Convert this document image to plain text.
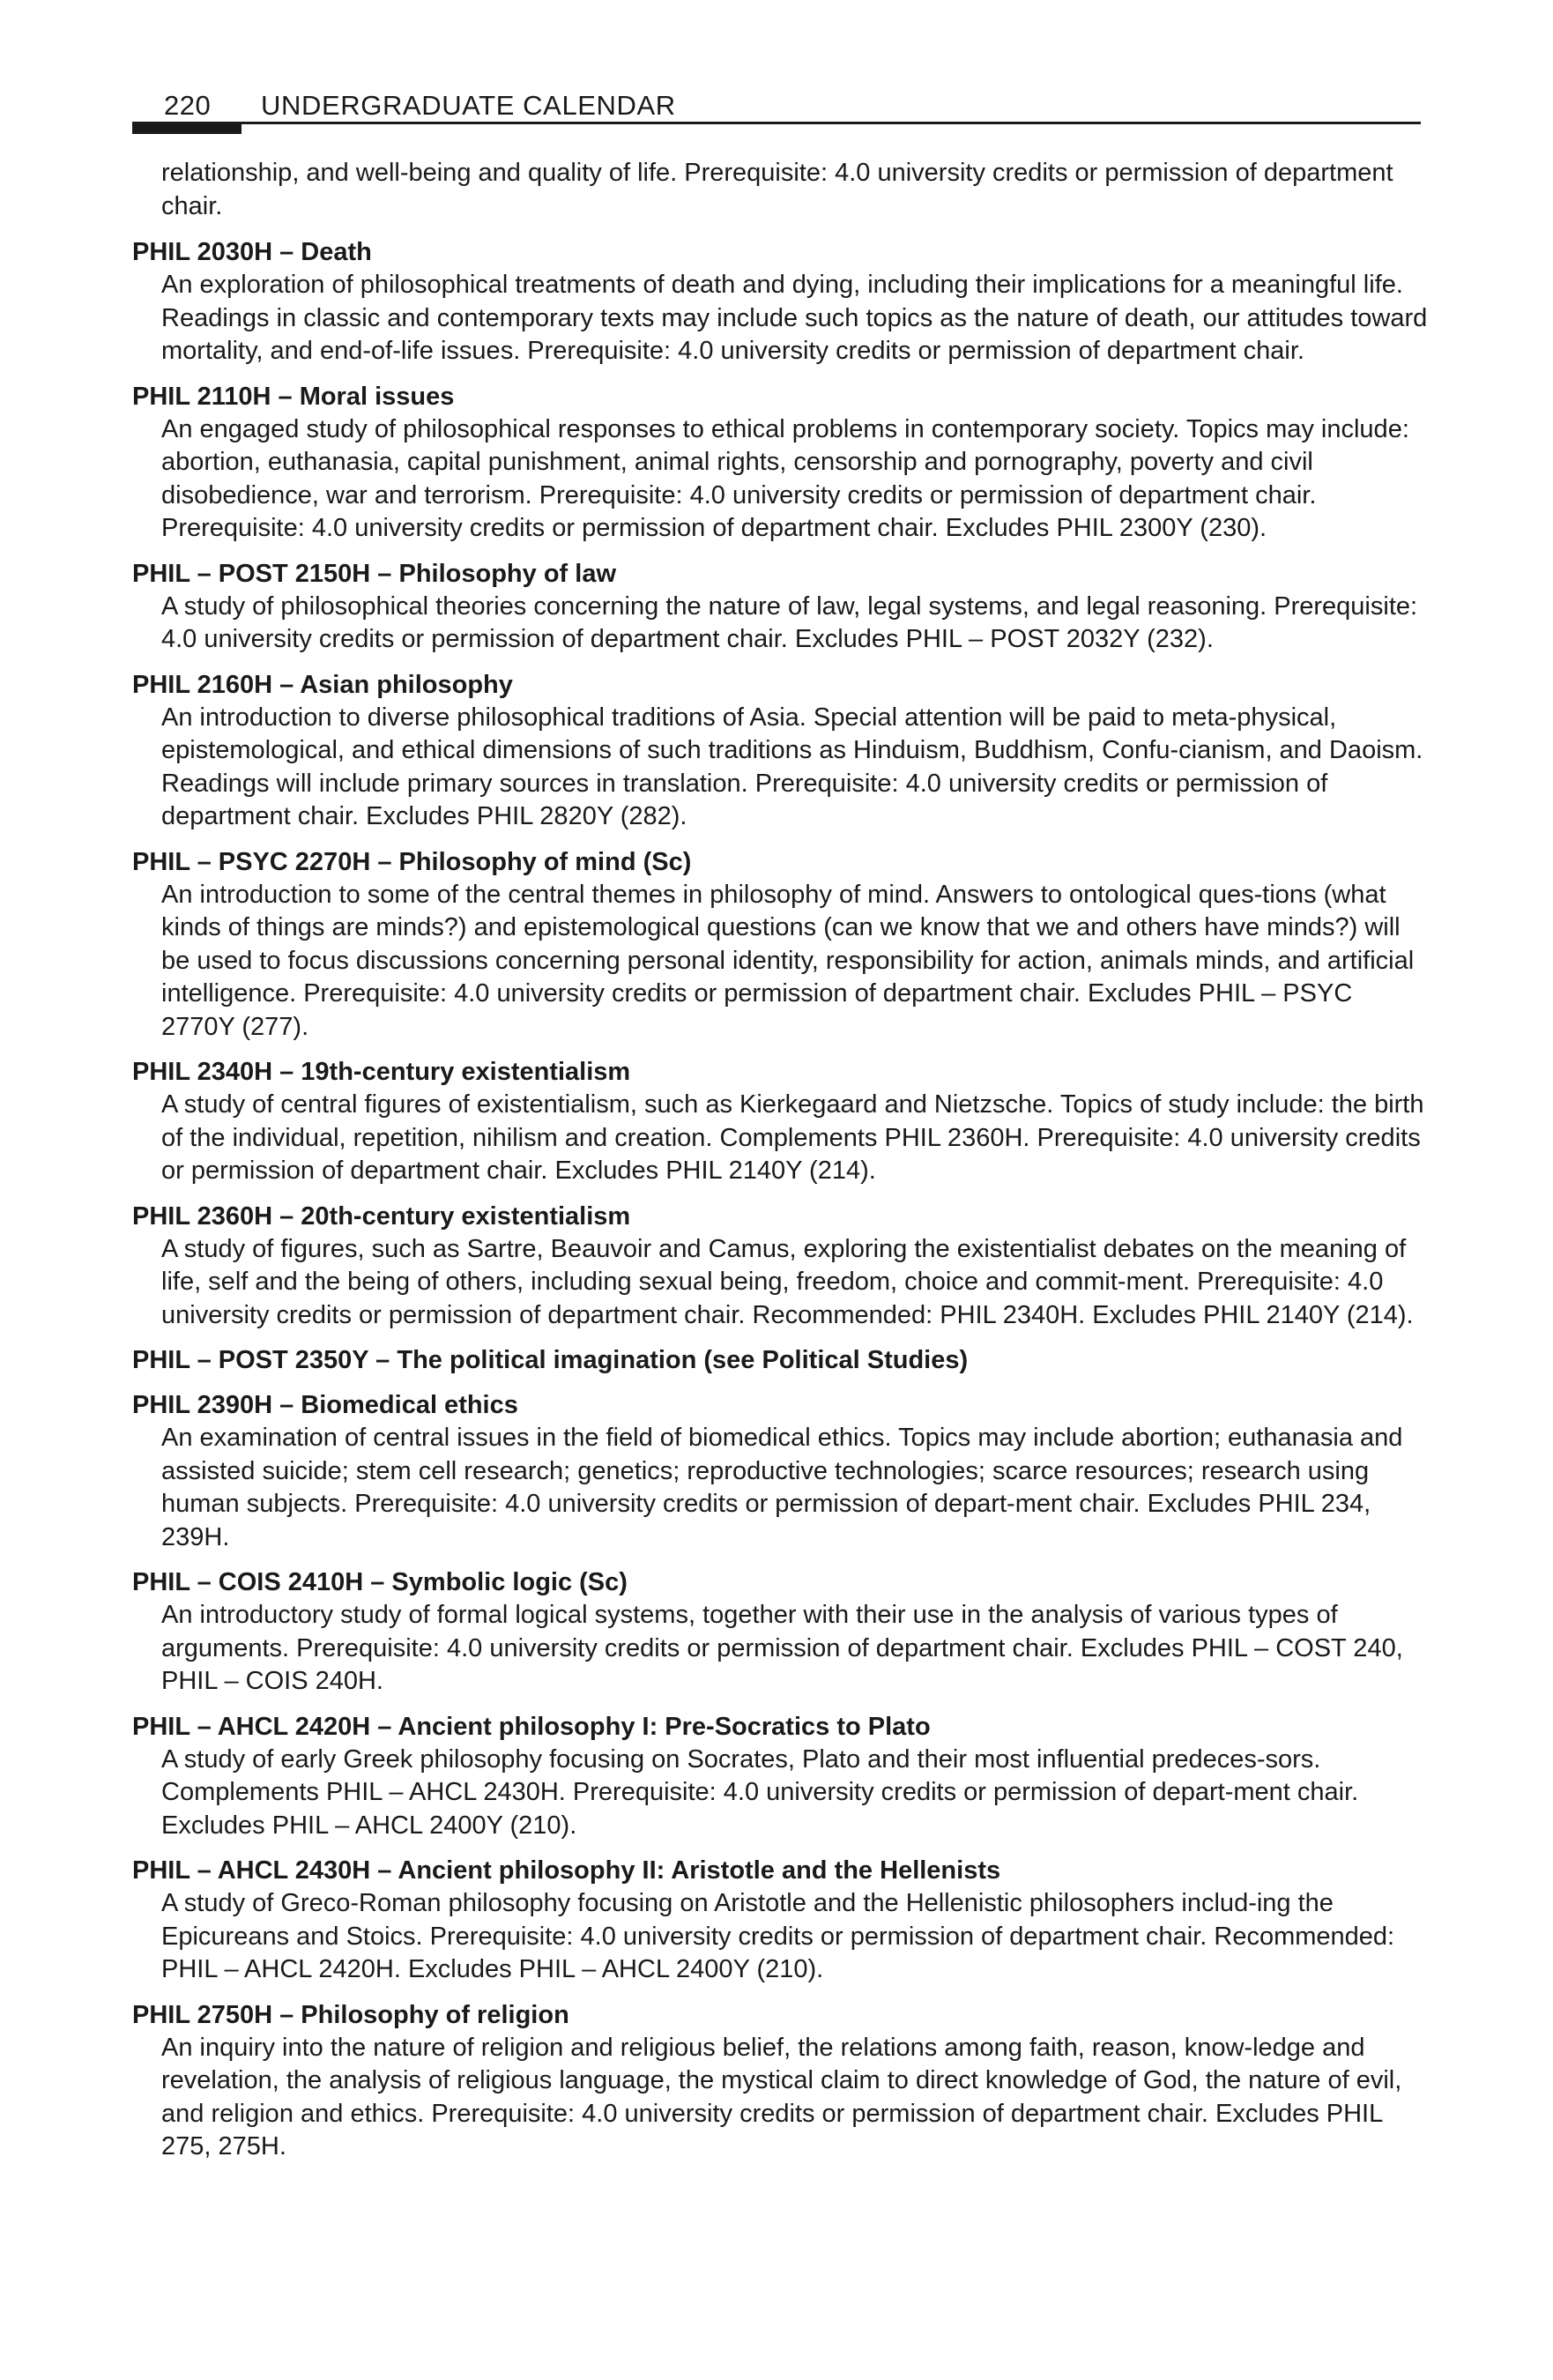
220	UNDERGRADUATE CALENDAR

relationship, and well-being and quality of life. Prerequisite: 4.0 university credits or permission of department chair.

PHIL 2030H – Death

An exploration of philosophical treatments of death and dying, including their implications for a meaningful life. Readings in classic and contemporary texts may include such topics as the nature of death, our attitudes toward mortality, and end-of-life issues. Prerequisite: 4.0 university credits or permission of department chair.

PHIL 2110H – Moral issues

An engaged study of philosophical responses to ethical problems in contemporary society. Topics may include: abortion, euthanasia, capital punishment, animal rights, censorship and pornography, poverty and civil disobedience, war and terrorism. Prerequisite: 4.0 university credits or permission of department chair. Prerequisite: 4.0 university credits or permission of department chair. Excludes PHIL 2300Y (230).

PHIL – POST 2150H – Philosophy of law

A study of philosophical theories concerning the nature of law, legal systems, and legal reasoning. Prerequisite: 4.0 university credits or permission of department chair. Excludes PHIL – POST 2032Y (232).

PHIL 2160H – Asian philosophy

An introduction to diverse philosophical traditions of Asia. Special attention will be paid to meta-physical, epistemological, and ethical dimensions of such traditions as Hinduism, Buddhism, Confu-cianism, and Daoism. Readings will include primary sources in translation. Prerequisite: 4.0 university credits or permission of department chair. Excludes PHIL 2820Y (282).

PHIL – PSYC 2270H – Philosophy of mind (Sc)

An introduction to some of the central themes in philosophy of mind. Answers to ontological ques-tions (what kinds of things are minds?) and epistemological questions (can we know that we and others have minds?) will be used to focus discussions concerning personal identity, responsibility for action, animals minds, and artificial intelligence. Prerequisite: 4.0 university credits or permission of department chair. Excludes PHIL – PSYC 2770Y (277).

PHIL 2340H – 19th-century existentialism

A study of central figures of existentialism, such as Kierkegaard and Nietzsche. Topics of study include: the birth of the individual, repetition, nihilism and creation. Complements PHIL 2360H. Prerequisite: 4.0 university credits or permission of department chair. Excludes PHIL 2140Y (214).

PHIL 2360H – 20th-century existentialism

A study of figures, such as Sartre, Beauvoir and Camus, exploring the existentialist debates on the meaning of life, self and the being of others, including sexual being, freedom, choice and commit-ment. Prerequisite: 4.0 university credits or permission of department chair. Recommended: PHIL 2340H. Excludes PHIL 2140Y (214).

PHIL – POST 2350Y – The political imagination (see Political Studies)

PHIL 2390H – Biomedical ethics

An examination of central issues in the field of biomedical ethics. Topics may include abortion; euthanasia and assisted suicide; stem cell research; genetics; reproductive technologies; scarce resources; research using human subjects. Prerequisite: 4.0 university credits or permission of depart-ment chair. Excludes PHIL 234, 239H.

PHIL – COIS 2410H – Symbolic logic (Sc)

An introductory study of formal logical systems, together with their use in the analysis of various types of arguments. Prerequisite: 4.0 university credits or permission of department chair. Excludes PHIL – COST 240, PHIL – COIS 240H.

PHIL – AHCL 2420H – Ancient philosophy I: Pre-Socratics to Plato

A study of early Greek philosophy focusing on Socrates, Plato and their most influential predeces-sors. Complements PHIL – AHCL 2430H. Prerequisite: 4.0 university credits or permission of depart-ment chair. Excludes PHIL – AHCL 2400Y (210).

PHIL – AHCL 2430H – Ancient philosophy II: Aristotle and the Hellenists

A study of Greco-Roman philosophy focusing on Aristotle and the Hellenistic philosophers includ-ing the Epicureans and Stoics. Prerequisite: 4.0 university credits or permission of department chair. Recommended: PHIL – AHCL 2420H. Excludes PHIL – AHCL 2400Y (210).

PHIL 2750H – Philosophy of religion

An inquiry into the nature of religion and religious belief, the relations among faith, reason, know-ledge and revelation, the analysis of religious language, the mystical claim to direct knowledge of God, the nature of evil, and religion and ethics. Prerequisite: 4.0 university credits or permission of department chair. Excludes PHIL 275, 275H.
